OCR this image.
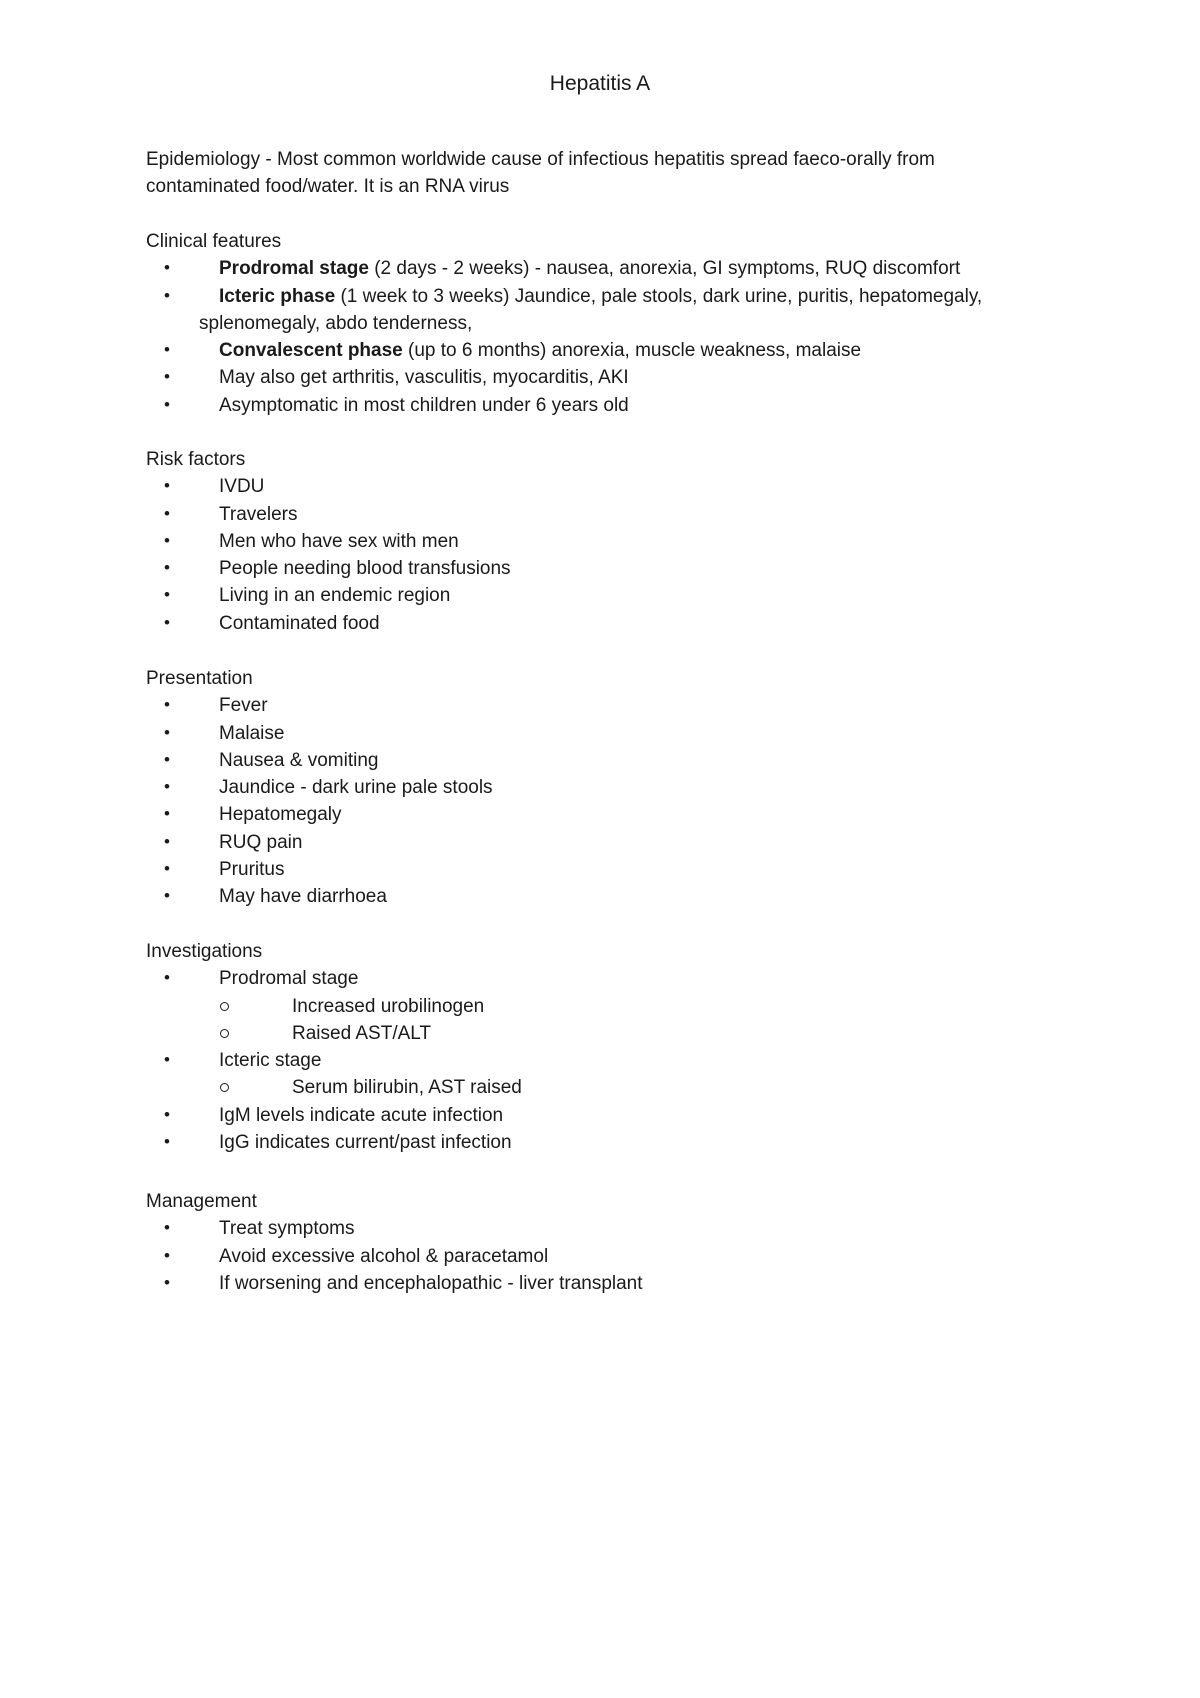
Hepatitis A
Epidemiology - Most common worldwide cause of infectious hepatitis spread faeco-orally from
contaminated food/water. It is an RNA virus
Clinical features
•	Prodromal stage (2 days - 2 weeks) - nausea, anorexia, GI symptoms, RUQ discomfort
•	Icteric phase (1 week to 3 weeks) Jaundice, pale stools, dark urine, puritis, hepatomegaly,
splenomegaly, abdo tenderness,
•	Convalescent phase (up to 6 months) anorexia, muscle weakness, malaise
•	May also get arthritis, vasculitis, myocarditis, AKI
•	Asymptomatic in most children under 6 years old
Risk factors
•	IVDU
•	Travelers
•	Men who have sex with men
•	People needing blood transfusions
•	Living in an endemic region
•	Contaminated food
Presentation
•	Fever
•	Malaise
•	Nausea & vomiting
•	Jaundice - dark urine pale stools
•	Hepatomegaly
•	RUQ pain
•	Pruritus
•	May have diarrhoea
Investigations
•	Prodromal stage
Increased urobilinogen
Raised AST/ALT
•	Icteric stage
Serum bilirubin, AST raised
•	IgM levels indicate acute infection
•	IgG indicates current/past infection
Management
•	Treat symptoms
•	Avoid excessive alcohol & paracetamol
•	If worsening and encephalopathic - liver transplant
